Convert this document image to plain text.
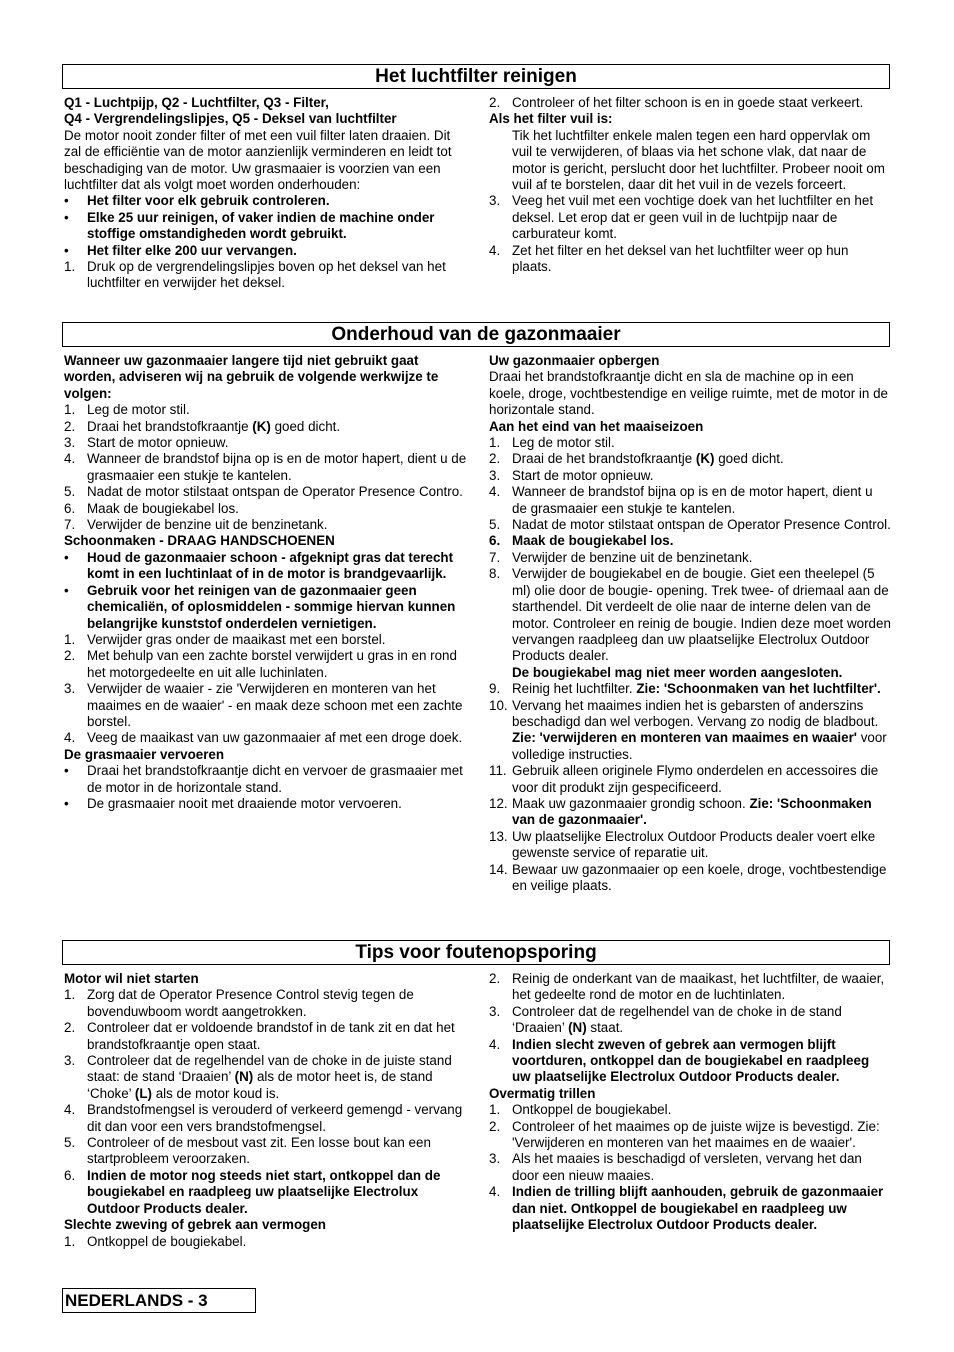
Het luchtfilter reinigen

Q1 - Luchtpijp, Q2 - Luchtfilter, Q3 - Filter,

Q4 - Vergrendelingslipjes, Q5 - Deksel van luchtfilter

De motor nooit zonder filter of met een vuil filter laten draaien. Dit zal de efficiëntie van de motor aanzienlijk verminderen en leidt tot beschadiging van de motor. Uw grasmaaier is voorzien van een luchtfilter dat als volgt moet worden onderhouden:

•	Het filter voor elk gebruik controleren.
•	Elke 25 uur reinigen, of vaker indien de machine onder stoffige omstandigheden wordt gebruikt.
•	Het filter elke 200 uur vervangen.
1. Druk op de vergrendelingslipjes boven op het deksel van het luchtfilter en verwijder het deksel.
2. Controleer of het filter schoon is en in goede staat verkeert.

Als het filter vuil is:

Tik het luchtfilter enkele malen tegen een hard oppervlak om vuil te verwijderen, of blaas via het schone vlak, dat naar de motor is gericht, perslucht door het luchtfilter. Probeer nooit om vuil af te borstelen, daar dit het vuil in de vezels forceert.

3. Veeg het vuil met een vochtige doek van het luchtfilter en het deksel. Let erop dat er geen vuil in de luchtpijp naar de carburateur komt.
4. Zet het filter en het deksel van het luchtfilter weer op hun plaats.
Onderhoud van de gazonmaaier

Wanneer uw gazonmaaier langere tijd niet gebruikt gaat worden, adviseren wij na gebruik de volgende werkwijze te volgen:

1. Leg de motor stil.
2. Draai het brandstofkraantje (K) goed dicht.
3. Start de motor opnieuw.
4. Wanneer de brandstof bijna op is en de motor hapert, dient u de grasmaaier een stukje te kantelen.
5. Nadat de motor stilstaat ontspan de Operator Presence Contro.
6. Maak de bougiekabel los.
7. Verwijder de benzine uit de benzinetank.

Schoonmaken - DRAAG HANDSCHOENEN

•	Houd de gazonmaaier schoon - afgeknipt gras dat terecht komt in een luchtinlaat of in de motor is brandgevaarlijk.
•	Gebruik voor het reinigen van de gazonmaaier geen chemicaliën, of oplosmiddelen - sommige hiervan kunnen belangrijke kunststof onderdelen vernietigen.
1. Verwijder gras onder de maaikast met een borstel.
2. Met behulp van een zachte borstel verwijdert u gras in en rond het motorgedeelte en uit alle luchinlaten.
3. Verwijder de waaier - zie 'Verwijderen en monteren van het maaimes en de waaier' - en maak deze schoon met een zachte borstel.
4. Veeg de maaikast van uw gazonmaaier af met een droge doek.

De grasmaaier vervoeren

•	Draai het brandstofkraantje dicht en vervoer de grasmaaier met de motor in de horizontale stand.
•	De grasmaaier nooit met draaiende motor vervoeren.

Uw gazonmaaier opbergen

Draai het brandstofkraantje dicht en sla de machine op in een koele, droge, vochtbestendige en veilige ruimte, met de motor in de horizontale stand.

Aan het eind van het maaiseizoen

1. Leg de motor stil.
2. Draai de het brandstofkraantje (K) goed dicht.
3. Start de motor opnieuw.
4. Wanneer de brandstof bijna op is en de motor hapert, dient u de grasmaaier een stukje te kantelen.
5. Nadat de motor stilstaat ontspan de Operator Presence Control.
6. Maak de bougiekabel los.
7. Verwijder de benzine uit de benzinetank.
8. Verwijder de bougiekabel en de bougie. Giet een theelepel (5 ml) olie door de bougie- opening. Trek twee- of driemaal aan de starthendel. Dit verdeelt de olie naar de interne delen van de motor. Controleer en reinig de bougie. Indien deze moet worden vervangen raadpleeg dan uw plaatselijke Electrolux Outdoor Products dealer.
De bougiekabel mag niet meer worden aangesloten.
9. Reinig het luchtfilter. Zie: 'Schoonmaken van het luchtfilter'.
10. Vervang het maaimes indien het is gebarsten of anderszins beschadigd dan wel verbogen. Vervang zo nodig de bladbout. Zie: 'verwijderen en monteren van maaimes en waaier' voor volledige instructies.
11. Gebruik alleen originele Flymo onderdelen en accessoires die voor dit produkt zijn gespecificeerd.
12. Maak uw gazonmaaier grondig schoon. Zie: 'Schoonmaken van de gazonmaaier'.
13. Uw plaatselijke Electrolux Outdoor Products dealer voert elke gewenste service of reparatie uit.
14. Bewaar uw gazonmaaier op een koele, droge, vochtbestendige en veilige plaats.
Tips voor foutenopsporing

Motor wil niet starten

1. Zorg dat de Operator Presence Control stevig tegen de bovenduwboom wordt aangetrokken.
2. Controleer dat er voldoende brandstof in de tank zit en dat het brandstofkraantje open staat.
3. Controleer dat de regelhendel van de choke in de juiste stand staat: de stand ‘Draaien’ (N) als de motor heet is, de stand ‘Choke’ (L) als de motor koud is.
4. Brandstofmengsel is verouderd of verkeerd gemengd - vervang dit dan voor een vers brandstofmengsel.
5. Controleer of de mesbout vast zit. Een losse bout kan een startprobleem veroorzaken.
6. Indien de motor nog steeds niet start, ontkoppel dan de bougiekabel en raadpleeg uw plaatselijke Electrolux Outdoor Products dealer.

Slechte zweving of gebrek aan vermogen

1. Ontkoppel de bougiekabel.
2. Reinig de onderkant van de maaikast, het luchtfilter, de waaier, het gedeelte rond de motor en de luchtinlaten.
3. Controleer dat de regelhendel van de choke in de stand ‘Draaien’ (N) staat.
4. Indien slecht zweven of gebrek aan vermogen blijft voortduren, ontkoppel dan de bougiekabel en raadpleeg uw plaatselijke Electrolux Outdoor Products dealer.

Overmatig trillen

1. Ontkoppel de bougiekabel.
2. Controleer of het maaimes op de juiste wijze is bevestigd. Zie: 'Verwijderen en monteren van het maaimes en de waaier'.
3. Als het maaies is beschadigd of versleten, vervang het dan door een nieuw maaies.
4. Indien de trilling blijft aanhouden, gebruik de gazonmaaier dan niet. Ontkoppel de bougiekabel en raadpleeg uw plaatselijke Electrolux Outdoor Products dealer.
NEDERLANDS - 3
